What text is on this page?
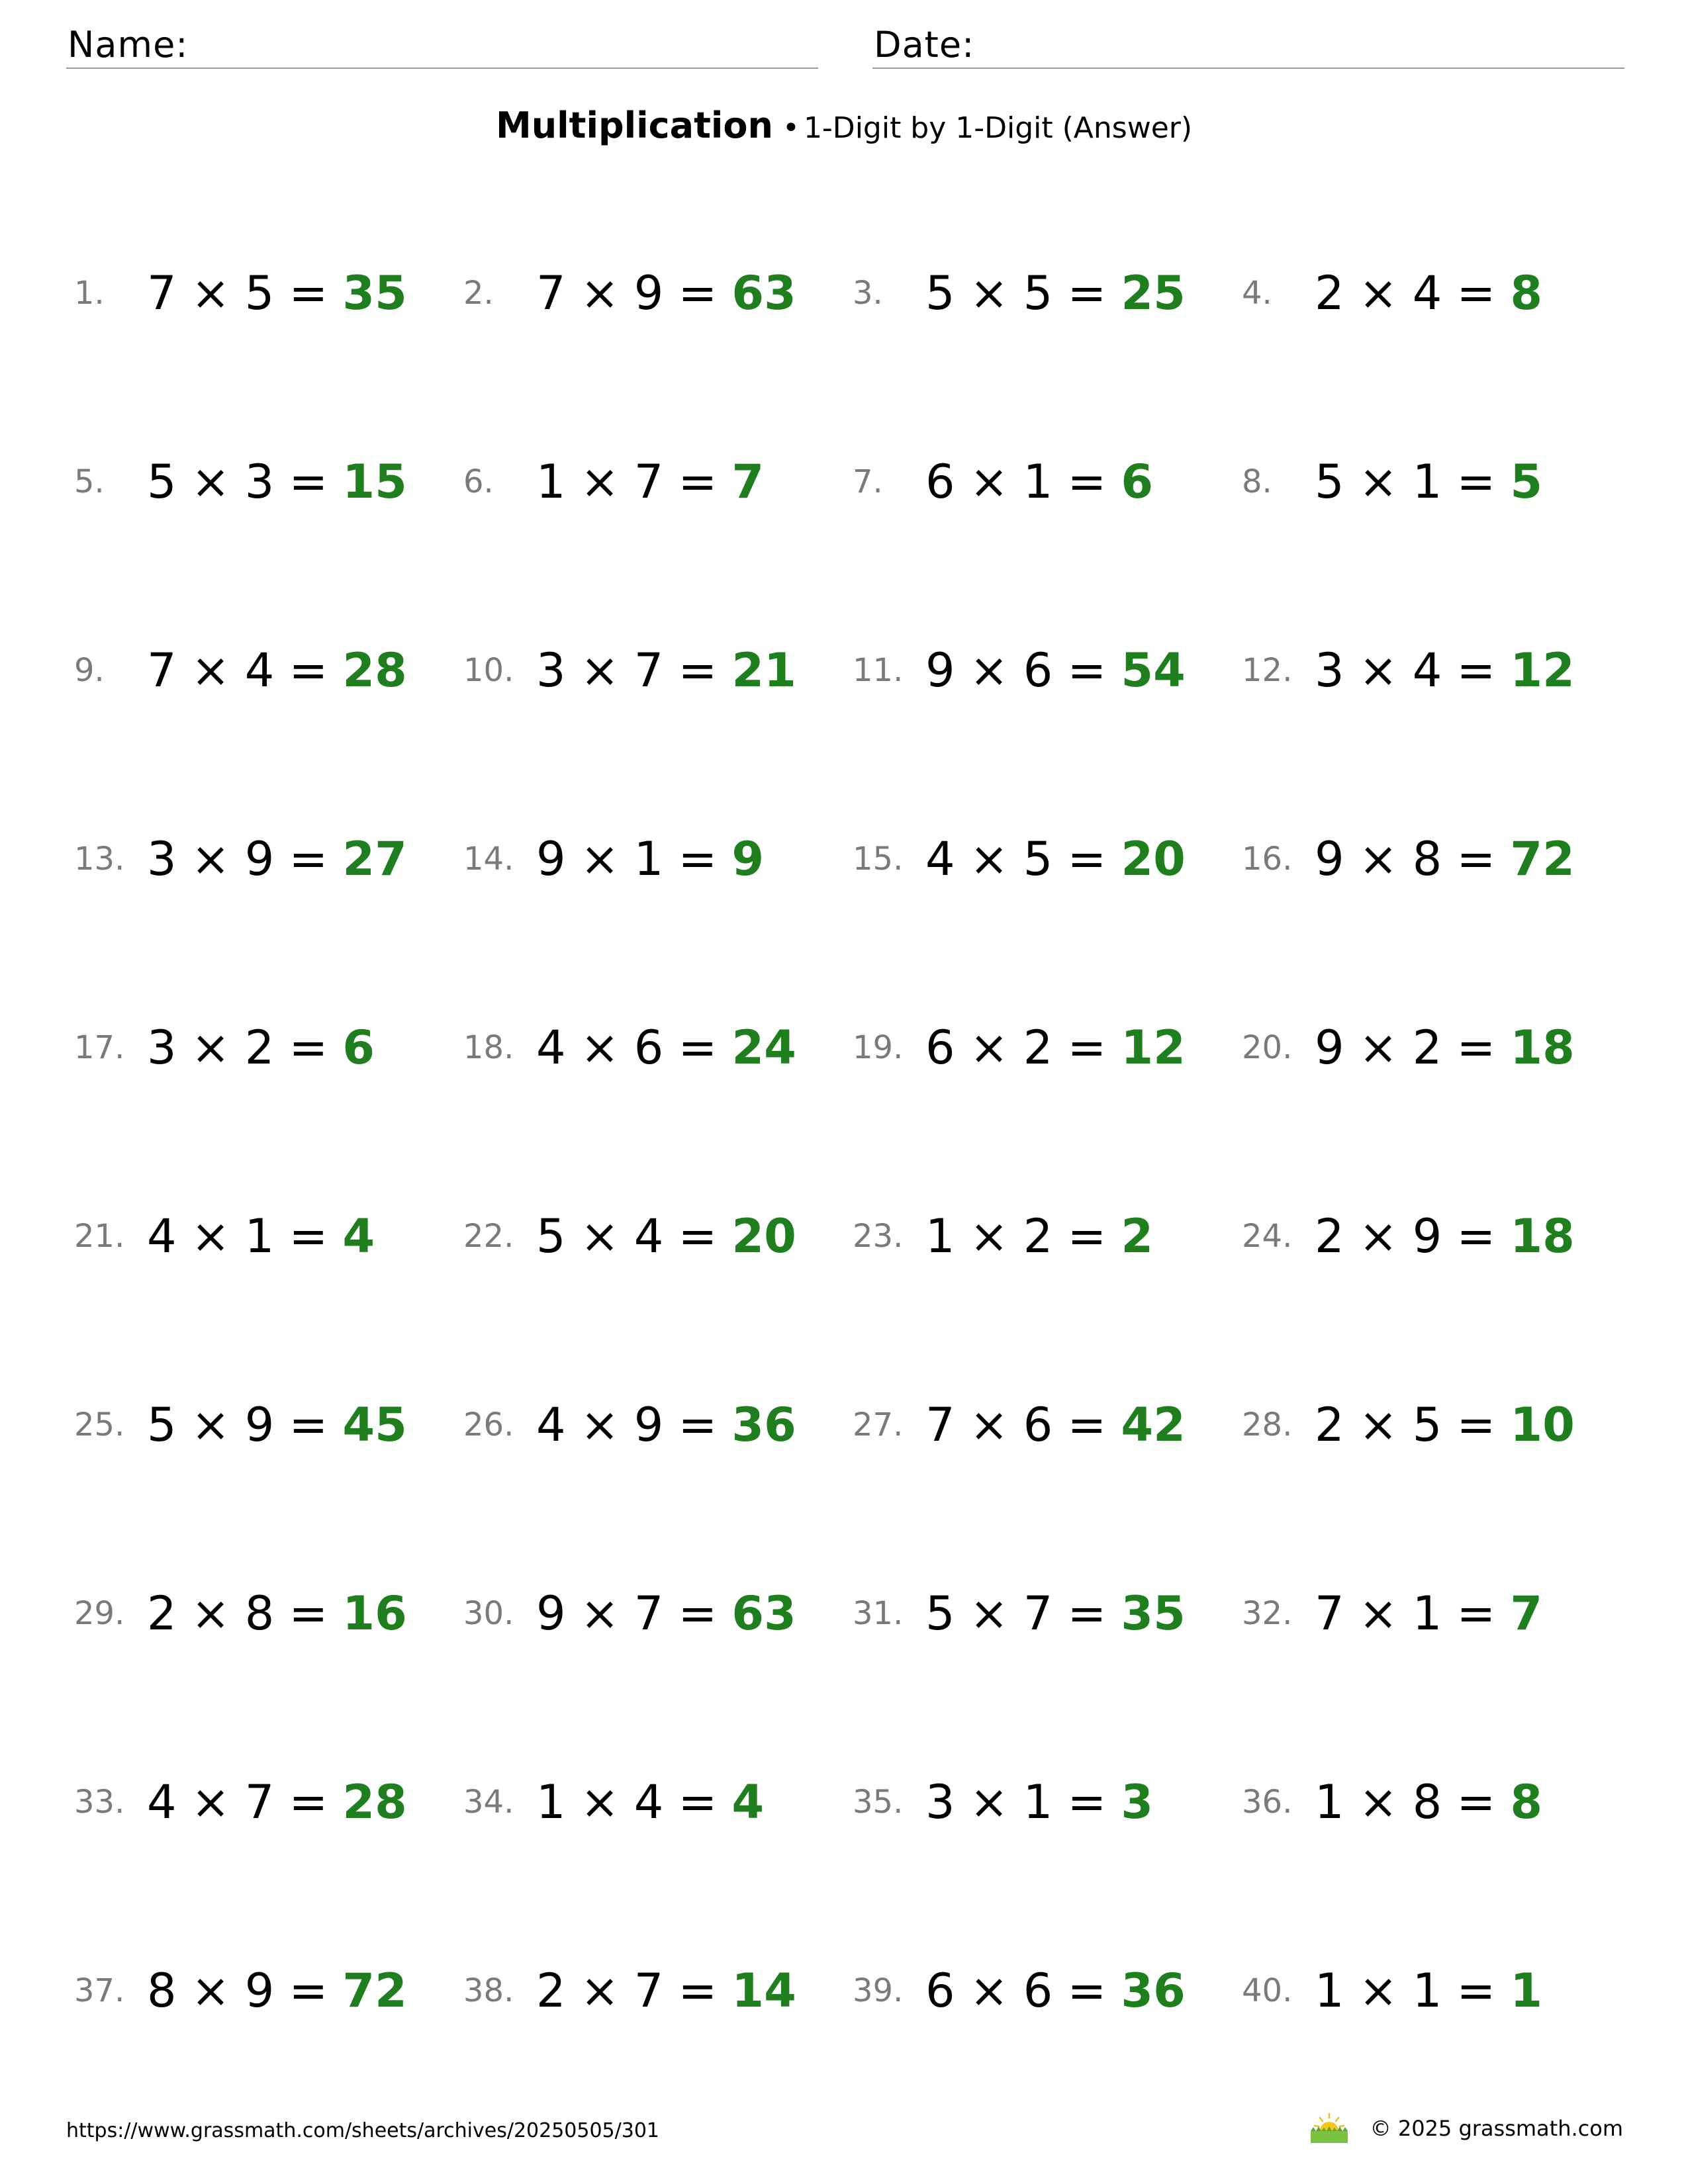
Name:	Date:
Multiplication • 1-Digit by 1-Digit (Answer)
1. 7 × 5 = 35 2. 7 × 9 = 63 3. 5 × 5 = 25 4. 2 × 4 = 8
5. 5 × 3 = 15 6. 1 × 7 = 7	7. 6 × 1 = 6	8. 5 × 1 = 5
9. 7 × 4 = 28 10. 3 × 7 = 21 11. 9 × 6 = 54 12. 3 × 4 = 12
13. 3 × 9 = 27 14. 9 × 1 = 9	15. 4 × 5 = 20 16. 9 × 8 = 72
17. 3 × 2 = 6	18. 4 × 6 = 24 19. 6 × 2 = 12 20. 9 × 2 = 18
21. 4 × 1 = 4	22. 5 × 4 = 20 23. 1 × 2 = 2	24. 2 × 9 = 18
25. 5 × 9 = 45 26. 4 × 9 = 36 27. 7 × 6 = 42 28. 2 × 5 = 10
29. 2 × 8 = 16 30. 9 × 7 = 63 31. 5 × 7 = 35 32. 7 × 1 = 7
33. 4 × 7 = 28 34. 1 × 4 = 4	35. 3 × 1 = 3	36. 1 × 8 = 8
37. 8 × 9 = 72 38. 2 × 7 = 14 39. 6 × 6 = 36 40. 1 × 1 = 1
https://www.grassmath.com/sheets/archives/20250505/301	© 2025 grassmath.com
